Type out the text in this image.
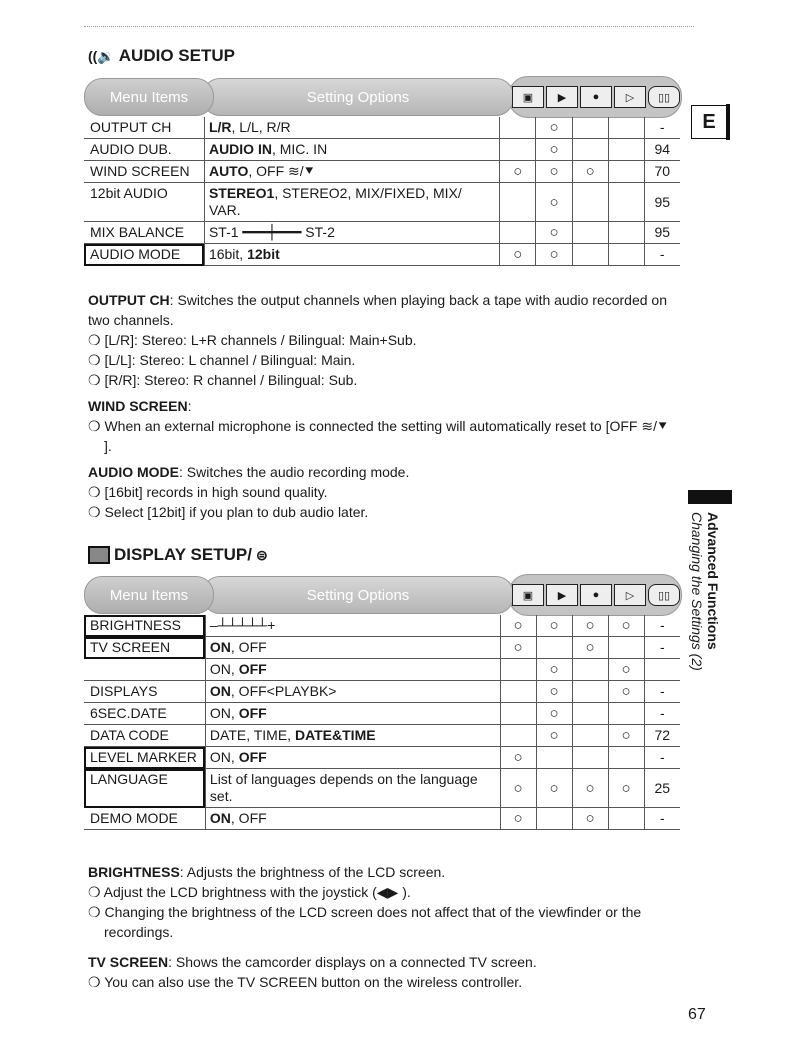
((🔉 AUDIO SETUP
Setting Options
Menu Items	▣	▶	●	▷	▯▯
OUTPUT CH	L/R, L/L, R/R		○			-
AUDIO DUB.	AUDIO IN, MIC. IN		○			94
WIND SCREEN	AUTO, OFF ≋/⯆	○	○	○		70
12bit AUDIO	STEREO1, STEREO2, MIX/FIXED, MIX/ VAR.		○			95
MIX BALANCE	ST-1 ━━━┿━━━ ST-2		○			95
AUDIO MODE	16bit, 12bit	○	○			-
OUTPUT CH: Switches the output channels when playing back a tape with audio recorded on two channels.
❍ [L/R]: Stereo: L+R channels / Bilingual: Main+Sub.
❍ [L/L]: Stereo: L channel / Bilingual: Main.
❍ [R/R]: Stereo: R channel / Bilingual: Sub.
WIND SCREEN:
❍ When an external microphone is connected the setting will automatically reset to [OFF ≋/⯆ ].
AUDIO MODE: Switches the audio recording mode.
❍ [16bit] records in high sound quality.
❍ Select [12bit] if you plan to dub audio later.
DISPLAY SETUP/ ⊜
Setting Options
Menu Items	▣	▶	●	▷	▯▯
BRIGHTNESS	–┴┴┴┴┴+	○	○	○	○	-
TV SCREEN	ON, OFF	○		○		-
	ON, OFF		○		○	
DISPLAYS	ON, OFF<PLAYBK>		○		○	-
6SEC.DATE	ON, OFF		○			-
DATA CODE	DATE, TIME, DATE&TIME		○		○	72
LEVEL MARKER	ON, OFF	○				-
LANGUAGE	List of languages depends on the language set.	○	○	○	○	25
DEMO MODE	ON, OFF	○		○		-
BRIGHTNESS: Adjusts the brightness of the LCD screen.
❍ Adjust the LCD brightness with the joystick (◀▶ ).
❍ Changing the brightness of the LCD screen does not affect that of the viewfinder or the recordings.
TV SCREEN: Shows the camcorder displays on a connected TV screen.
❍ You can also use the TV SCREEN button on the wireless controller.
E
Advanced Functions
Changing the Settings (2)
67
